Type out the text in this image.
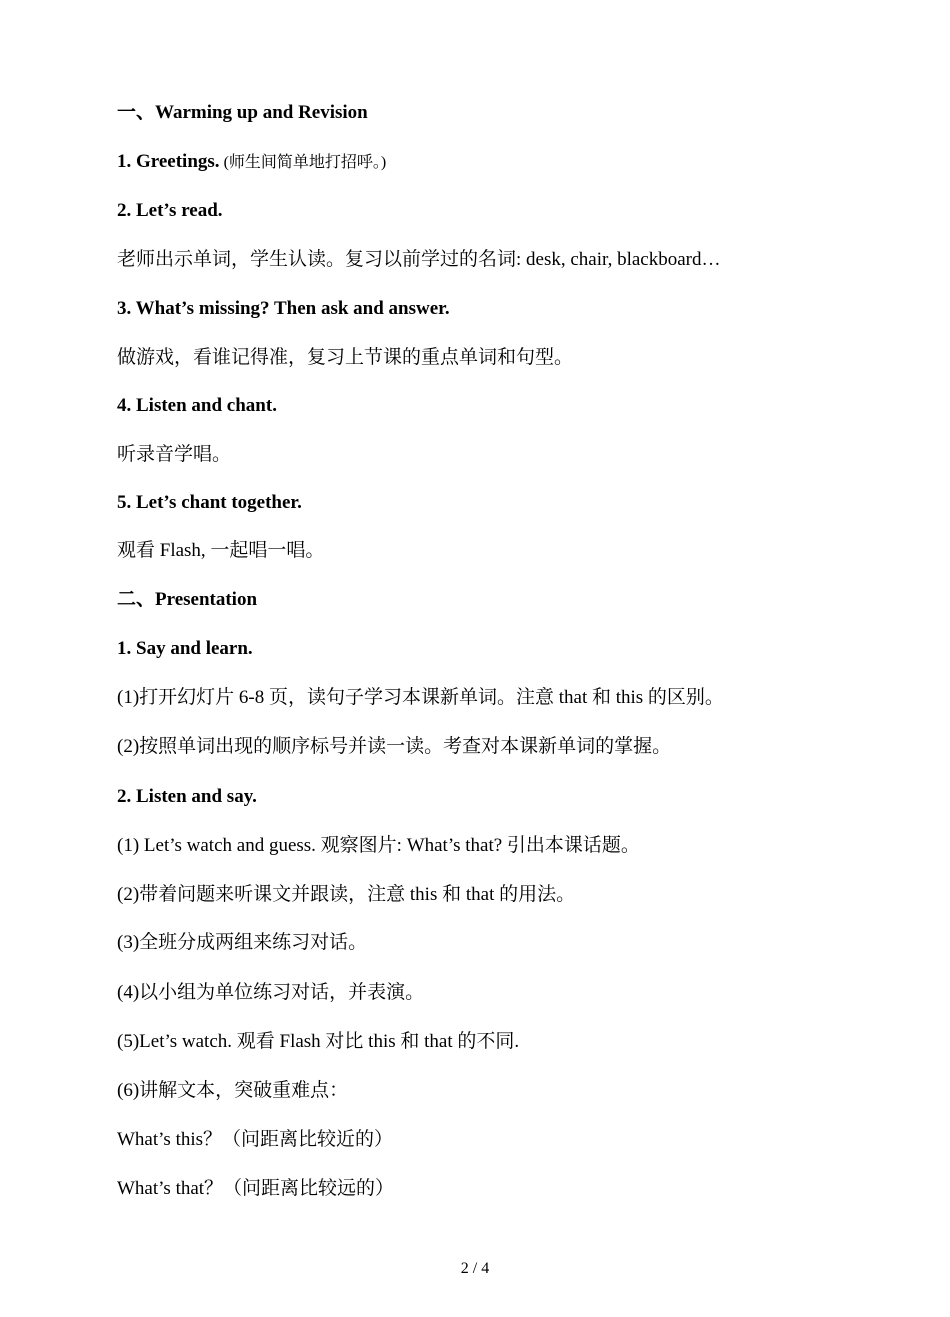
一、Warming up and Revision
1. Greetings. (师生间简单地打招呼。)
2. Let’s read.
老师出示单词，学生认读。复习以前学过的名词: desk, chair, blackboard…
3. What’s missing? Then ask and answer.
做游戏，看谁记得准，复习上节课的重点单词和句型。
4. Listen and chant.
听录音学唱。
5. Let’s chant together.
观看 Flash, 一起唱一唱。
二、Presentation
1. Say and learn.
(1)打开幻灯片 6-8 页，读句子学习本课新单词。注意 that 和 this 的区别。
(2)按照单词出现的顺序标号并读一读。考查对本课新单词的掌握。
2. Listen and say.
(1) Let’s watch and guess. 观察图片: What’s that? 引出本课话题。
(2)带着问题来听课文并跟读，注意 this 和 that 的用法。
(3)全班分成两组来练习对话。
(4)以小组为单位练习对话，并表演。
(5)Let’s watch. 观看 Flash 对比 this 和 that 的不同.
(6)讲解文本，突破重难点：
What’s this？（问距离比较近的）
What’s that？（问距离比较远的）
2 / 4
